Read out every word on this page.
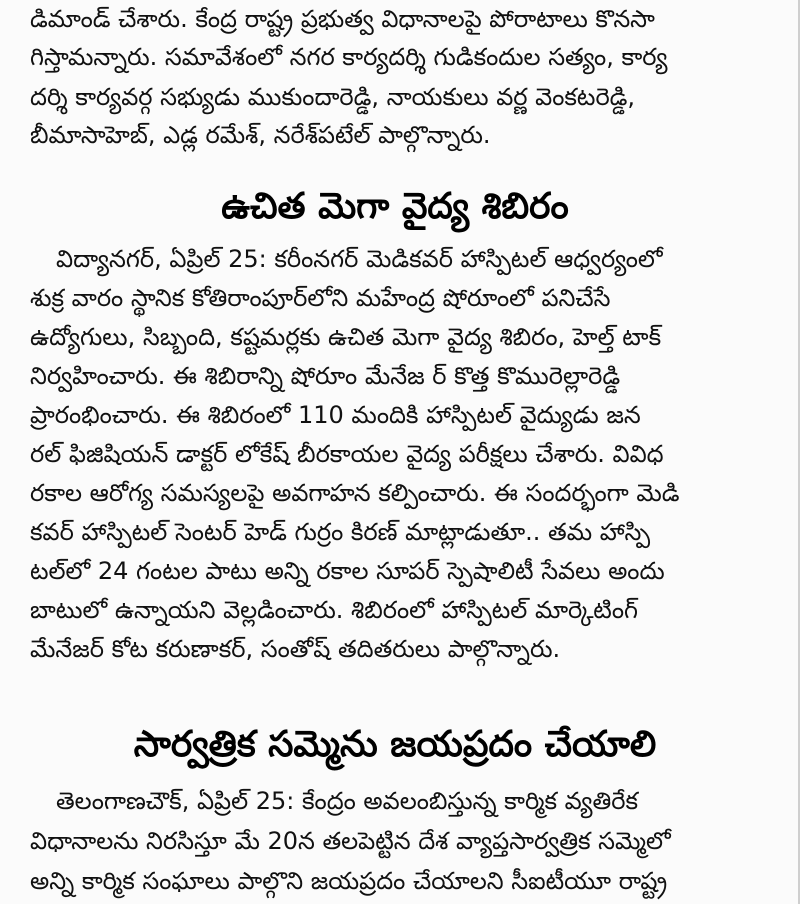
డిమాండ్ చేశారు. కేంద్ర రాష్ట్ర ప్రభుత్వ విధానాలపై పోరాటాలు కొనసా
గిస్తామన్నారు. సమావేశంలో నగర కార్యదర్శి గుడికందుల సత్యం, కార్య
దర్శి కార్యవర్గ సభ్యుడు ముకుందారెడ్డి, నాయకులు వర్ణ వెంకటరెడ్డి,
బీమాసాహెబ్, ఎడ్ల రమేశ్, నరేశ్‌పటేల్ పాల్గొన్నారు.
ఉచిత మెగా వైద్య శిబిరం
విద్యానగర్, ఏప్రిల్ 25: కరీంనగర్ మెడికవర్ హాస్పిటల్ ఆధ్వర్యంలో
శుక్ర వారం స్థానిక కోతిరాంపూర్‌లోని మహేంద్ర షోరూంలో పనిచేసే
ఉద్యోగులు, సిబ్బంది, కష్టమర్లకు ఉచిత మెగా వైద్య శిబిరం, హెల్త్ టాక్
నిర్వహించారు. ఈ శిబిరాన్ని షోరూం మేనేజ ర్ కొత్త కొమురెల్లారెడ్డి
ప్రారంభించారు. ఈ శిబిరంలో 110 మందికి హాస్పిటల్ వైద్యుడు జన
రల్ ఫిజిషియన్ డాక్టర్ లోకేష్ బీరకాయల వైద్య పరీక్షలు చేశారు. వివిధ
రకాల ఆరోగ్య సమస్యలపై అవగాహన కల్పించారు. ఈ సందర్భంగా మెడి
కవర్ హాస్పిటల్ సెంటర్ హెడ్ గుర్రం కిరణ్ మాట్లాడుతూ.. తమ హాస్పి
టల్‌లో 24 గంటల పాటు అన్ని రకాల సూపర్ స్పెషాలిటీ సేవలు అందు
బాటులో ఉన్నాయని వెల్లడించారు. శిబిరంలో హాస్పిటల్ మార్కెటింగ్
మేనేజర్ కోట కరుణాకర్, సంతోష్ తదితరులు పాల్గొన్నారు.
సార్వత్రిక సమ్మెను జయప్రదం చేయాలి
తెలంగాణచౌక్, ఏప్రిల్ 25: కేంద్రం అవలంబిస్తున్న కార్మిక వ్యతిరేక
విధానాలను నిరసిస్తూ మే 20న తలపెట్టిన దేశ వ్యాప్తసార్వత్రిక సమ్మెలో
అన్ని కార్మిక సంఘాలు పాల్గొని జయప్రదం చేయాలని సీఐటీయూ రాష్ట్ర
